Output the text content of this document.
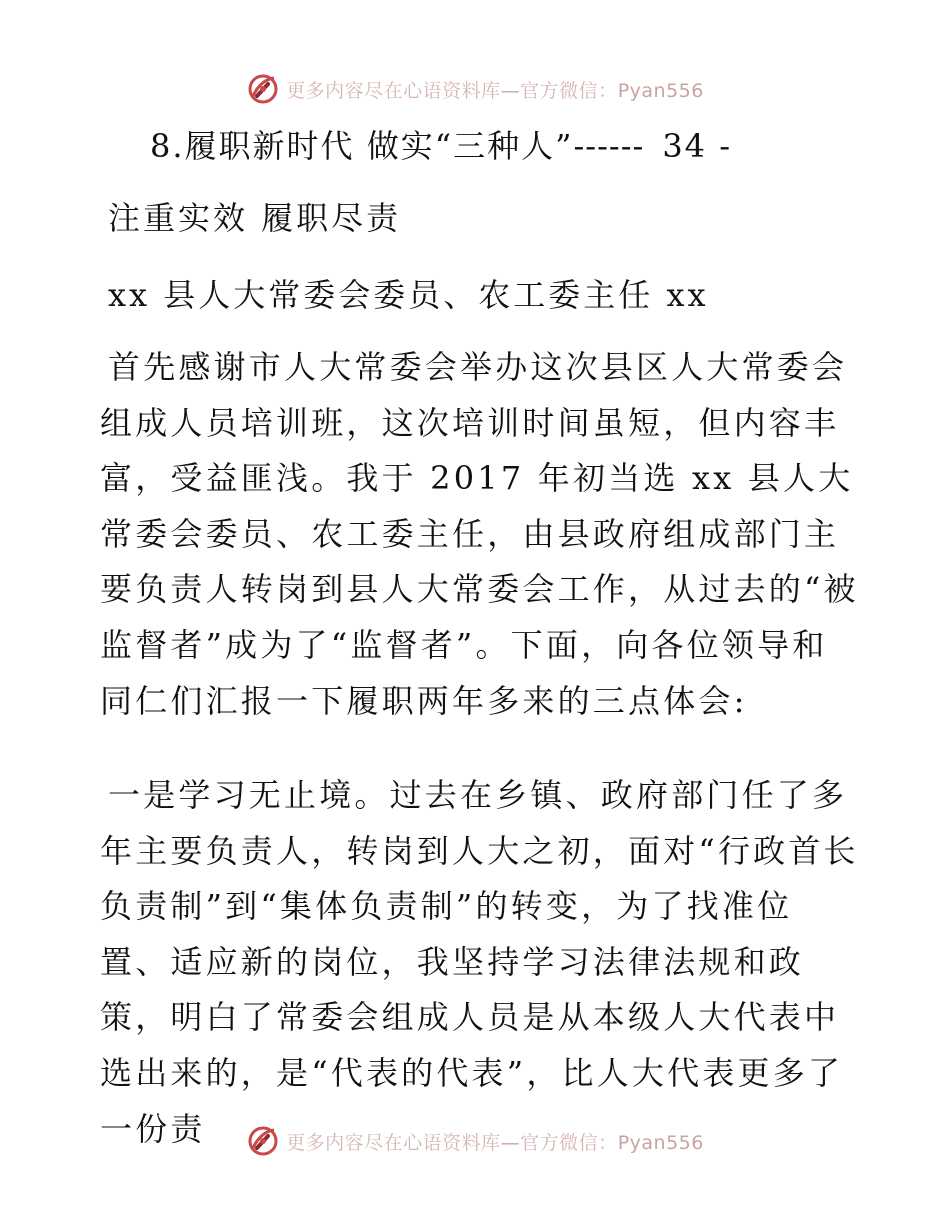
更多内容尽在心语资料库—官方微信：Pyan556
8.履职新时代 做实“三种人”------ 34 -
注重实效 履职尽责
xx 县人大常委会委员、农工委主任 xx
首先感谢市人大常委会举办这次县区人大常委会组成人员培训班，这次培训时间虽短，但内容丰富，受益匪浅。我于 2017 年初当选 xx 县人大常委会委员、农工委主任，由县政府组成部门主要负责人转岗到县人大常委会工作，从过去的“被监督者”成为了“监督者”。下面，向各位领导和同仁们汇报一下履职两年多来的三点体会:
一是学习无止境。过去在乡镇、政府部门任了多年主要负责人，转岗到人大之初，面对“行政首长负责制”到“集体负责制”的转变，为了找准位置、适应新的岗位，我坚持学习法律法规和政策，明白了常委会组成人员是从本级人大代表中选出来的，是“代表的代表”，比人大代表更多了一份责	更多内容尽在心语资料库—官方微信：Pyan556
